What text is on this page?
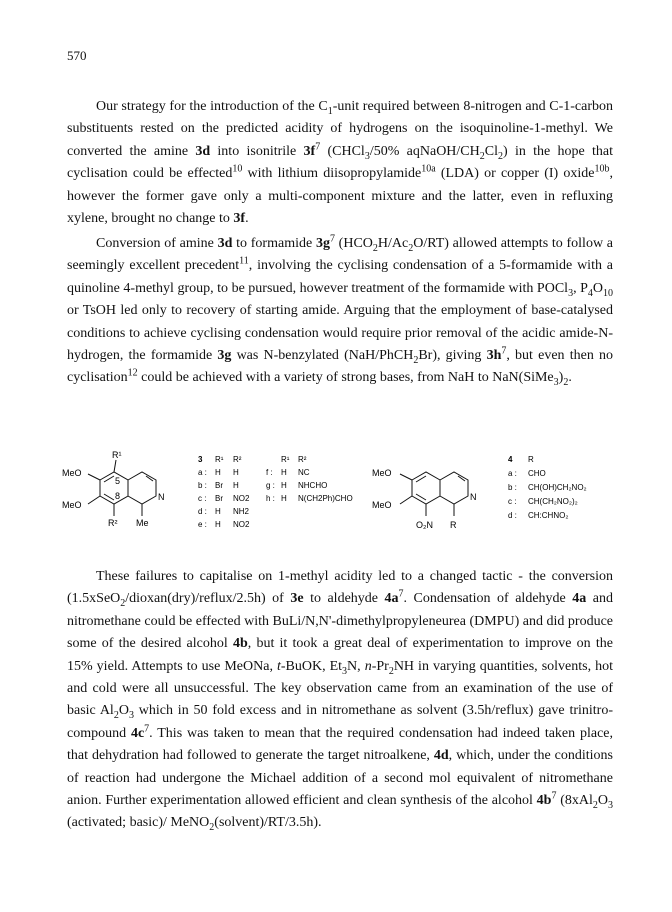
570

Our strategy for the introduction of the $C_1$-unit required between 8-nitrogen and C-1-carbon substituents rested on the predicted acidity of hydrogens on the isoquinoline-1-methyl. We converted the amine 3d into isonitrile $3f^7$ (CHCl$_3$/50% aqNaOH/$CH_2Cl_2$) in the hope that cyclisation could be effected$^{10}$ with lithium diisopropylamide$^{10a}$ (LDA) or copper (I) oxide$^{10b}$, however the former gave only a multi-component mixture and the latter, even in refluxing xylene, brought no change to 3f.

Conversion of amine 3d to formamide $3g^7$ $(HCO_2H/Ac_2O/RT)$ allowed attempts to follow a seemingly excellent precedent$^{11}$, involving the cyclising condensation of a 5-formamide with a quinoline 4-methyl group, to be pursued, however treatment of the formamide with POCl$_3$, $P_4O_{10}$ or TsOH led only to recovery of starting amide. Arguing that the employment of base-catalysed conditions to achieve cyclising condensation would require prior removal of the acidic amide-N-hydrogen, the formamide 3g was N-benzylated (NaH/PhCH$_2$Br), giving $3h^7$, but even then no cyclisation$^{12}$ could be achieved with a variety of strong bases, from NaH to $NaN(SiMe_3)_2$.

R¹
MeO
MeO
5
8	N
R² Me
3 R¹ R²	R¹ R²
a : H H
b : Br H
c : Br NO2
d : H NH2
e : H NO2
f : H NC
g : H NHCHO
h : H N(CH2Ph)CHO
MeO
MeO
N
O₂N R
4 R
a : CHO
b : CH(OH)CH₂NO₂
c : CH(CH₂NO₂)₂
d : CH:CHNO₂

These failures to capitalise on 1-methyl acidity led to a changed tactic - the conversion (1.5xSeO$_2$/dioxan(dry)/reflux/2.5h) of 3e to aldehyde $4a^7$. Condensation of aldehyde 4a and nitromethane could be effected with BuLi/N,N'-dimethylpropyleneurea (DMPU) and did produce some of the desired alcohol 4b, but it took a great deal of experimentation to improve on the 15% yield. Attempts to use MeONa, t-BuOK, $Et_3N$, $n-Pr_2NH$ in varying quantities, solvents, hot and cold were all unsuccessful. The key observation came from an examination of the use of basic $Al_2O_3$ which in 50 fold excess and in nitromethane as solvent (3.5h/reflux) gave trinitro-compound $4c^7$. This was taken to mean that the required condensation had indeed taken place, that dehydration had followed to generate the target nitroalkene, 4d, which, under the conditions of reaction had undergone the Michael addition of a second mol equivalent of nitromethane anion. Further experimentation allowed efficient and clean synthesis of the alcohol $4b^7$ ($8xAl_2O_3$ (activated; basic)/ MeNO$_2$(solvent)/RT/3.5h).
